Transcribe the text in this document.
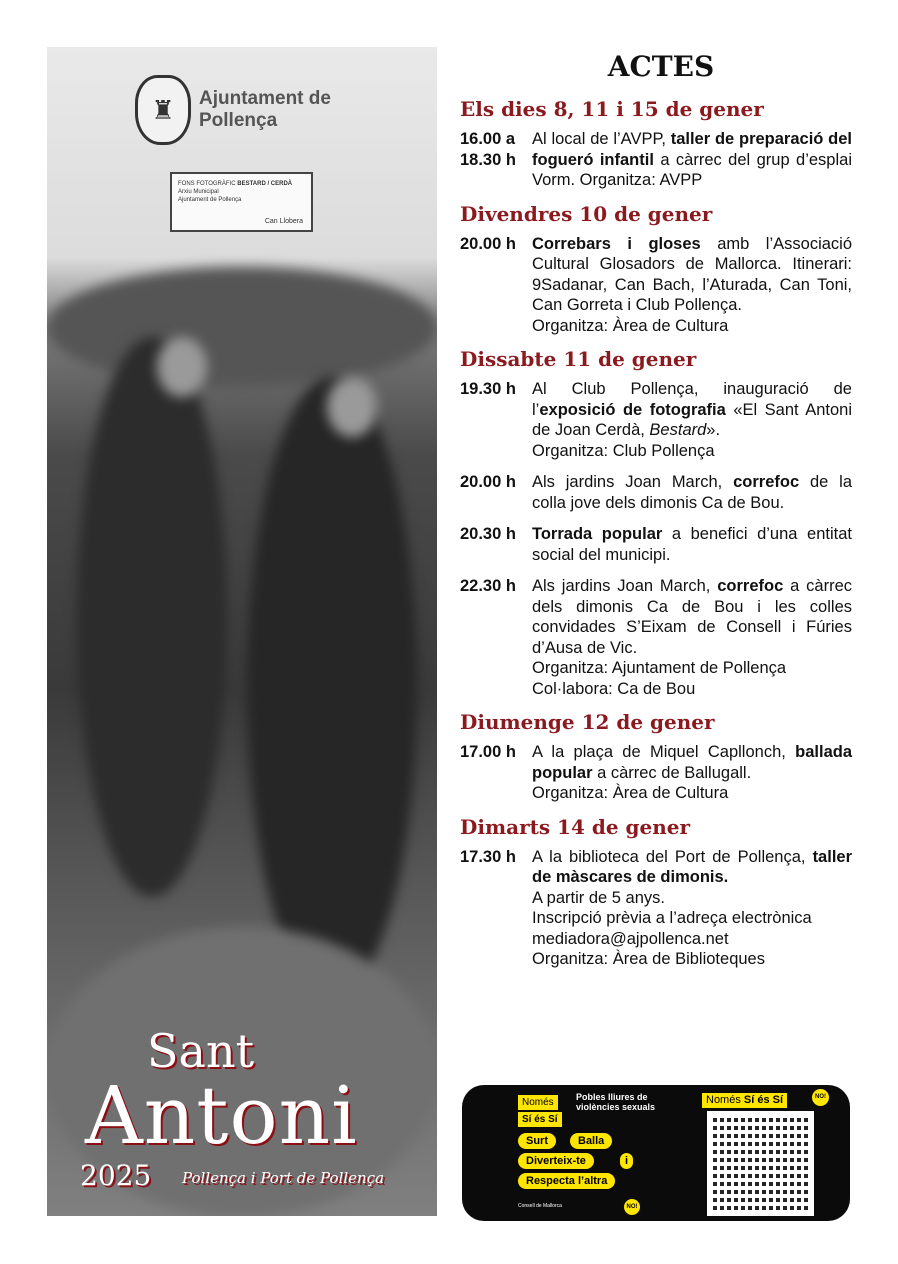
♜	Ajuntament de
Pollença
FONS FOTOGRÀFIC BESTARD / CERDÀ
Arxiu Municipal
Ajuntament de Pollença
Can Llobera
Sant
Antoni
2025 Pollença i Port de Pollença
ACTES
Els dies 8, 11 i 15 de gener
16.00 a
18.30 h
Al local de l’AVPP, taller de preparació del fogueró infantil a càrrec del grup d’esplai Vorm. Organitza: AVPP
Divendres 10 de gener
20.00 h Correbars i gloses amb l’Associació Cultural Glosadors de Mallorca. Itinerari: 9Sadanar, Can Bach, l’Aturada, Can Toni, Can Gorreta i Club Pollença.
Organitza: Àrea de Cultura
Dissabte 11 de gener
19.30 h Al Club Pollença, inauguració de l’exposició de fotografia «El Sant Antoni de Joan Cerdà, Bestard».
Organitza: Club Pollença
20.00 h Als jardins Joan March, correfoc de la colla jove dels dimonis Ca de Bou.
20.30 h Torrada popular a benefici d’una entitat social del municipi.
22.30 h Als jardins Joan March, correfoc a càrrec dels dimonis Ca de Bou i les colles convidades S’Eixam de Consell i Fúries d’Ausa de Vic.
Organitza: Ajuntament de Pollença
Col·labora: Ca de Bou
Diumenge 12 de gener
17.00 h A la plaça de Miquel Capllonch, ballada popular a càrrec de Ballugall.
Organitza: Àrea de Cultura
Dimarts 14 de gener
17.30 h A la biblioteca del Port de Pollença, taller de màscares de dimonis.
A partir de 5 anys.
Inscripció prèvia a l’adreça electrònica
mediadora@ajpollenca.net
Organitza: Àrea de Biblioteques
Només
Sí és Sí
Pobles lliures de violències sexuals
Surt	Balla
Diverteix-te	i
Respecta l’altra
Consell de Mallorca	NO!
Només Sí és Sí	NO!
